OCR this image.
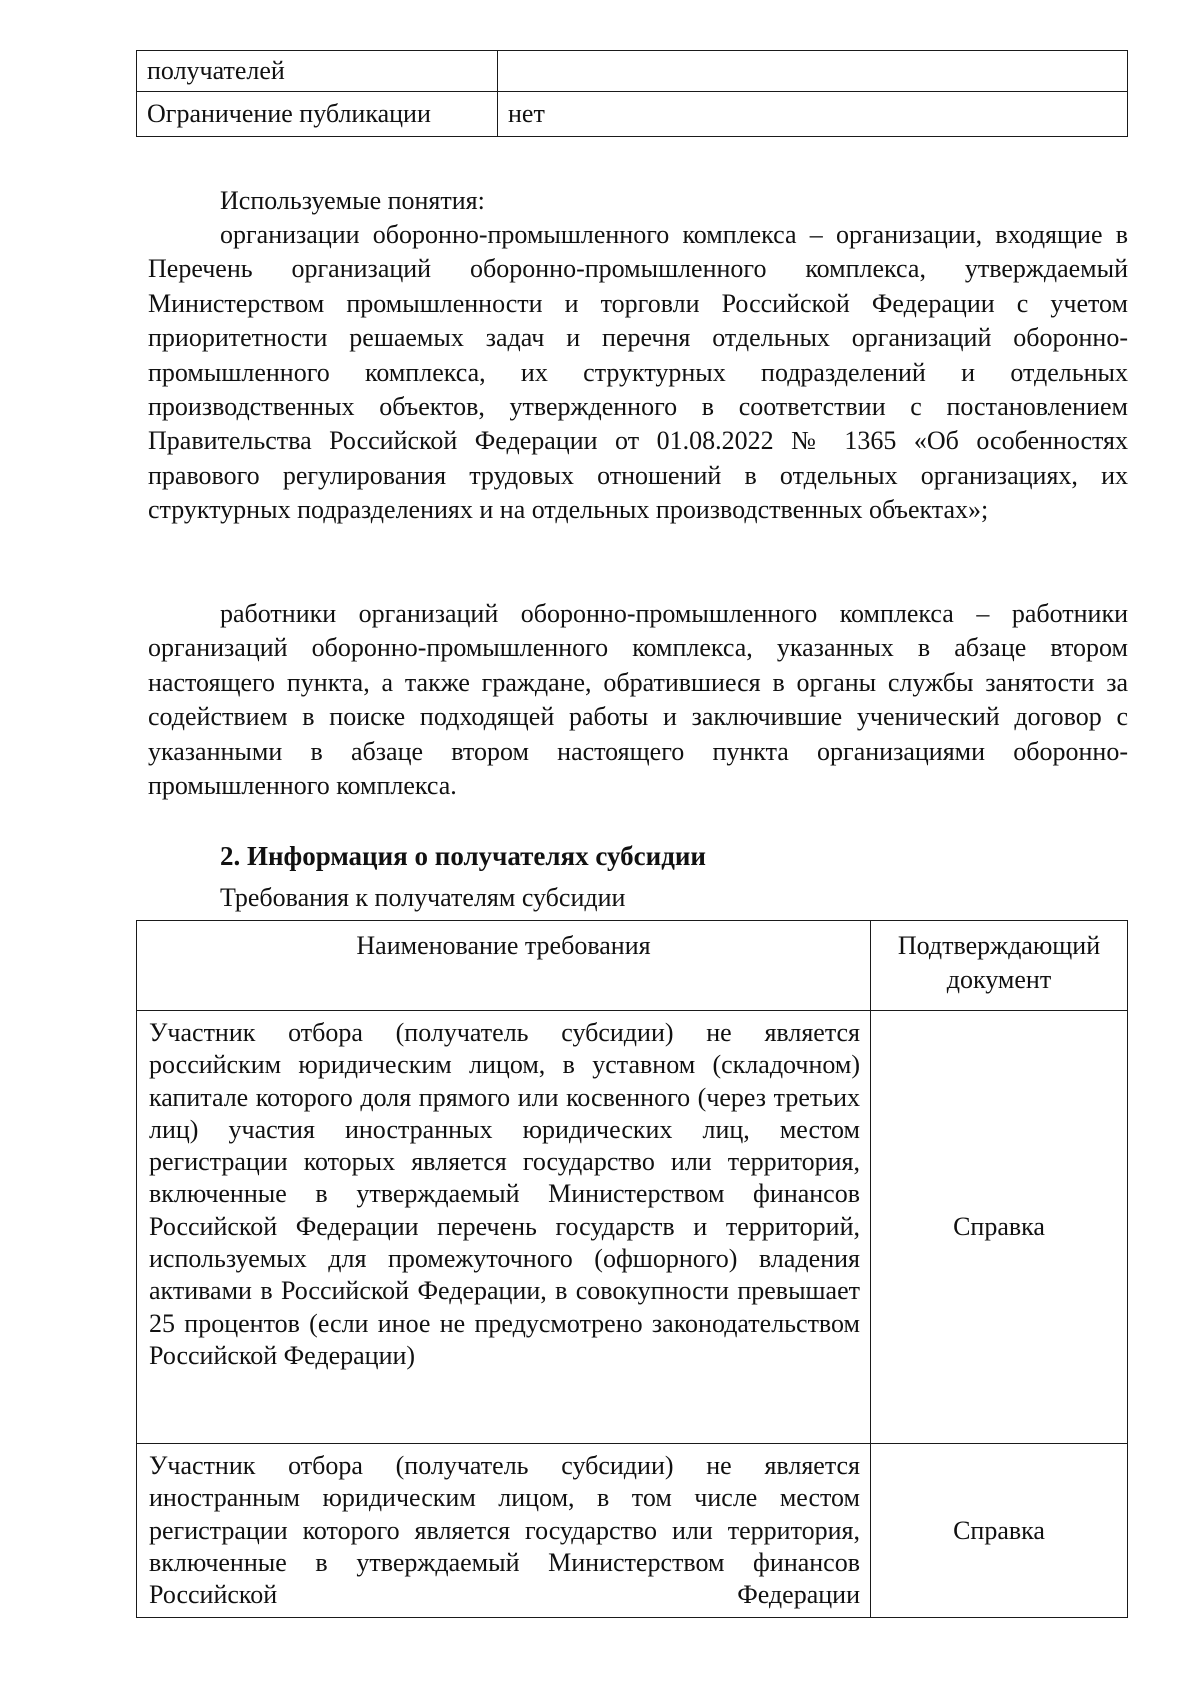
получателей	
Ограничение публикации	нет

Используемые понятия:

организации оборонно-промышленного комплекса – организации, входящие в Перечень организаций оборонно-промышленного комплекса, утверждаемый Министерством промышленности и торговли Российской Федерации с учетом приоритетности решаемых задач и перечня отдельных организаций оборонно-промышленного комплекса, их структурных подразделений и отдельных производственных объектов, утвержденного в соответствии с постановлением Правительства Российской Федерации от 01.08.2022 № 1365 «Об особенностях правового регулирования трудовых отношений в отдельных организациях, их структурных подразделениях и на отдельных производственных объектах»;

работники организаций оборонно-промышленного комплекса – работники организаций оборонно-промышленного комплекса, указанных в абзаце втором настоящего пункта, а также граждане, обратившиеся в органы службы занятости за содействием в поиске подходящей работы и заключившие ученический договор с указанными в абзаце втором настоящего пункта организациями оборонно-промышленного комплекса.

2. Информация о получателях субсидии

Требования к получателям субсидии

Наименование требования	Подтверждающий документ
Участник отбора (получатель субсидии) не является российским юридическим лицом, в уставном (складочном) капитале которого доля прямого или косвенного (через третьих лиц) участия иностранных юридических лиц, местом регистрации которых является государство или территория, включенные в утверждаемый Министерством финансов Российской Федерации перечень государств и территорий, используемых для промежуточного (офшорного) владения активами в Российской Федерации, в совокупности превышает 25 процентов (если иное не предусмотрено законодательством Российской Федерации)	Справка
Участник отбора (получатель субсидии) не является иностранным юридическим лицом, в том числе местом регистрации которого является государство или территория, включенные в утверждаемый Министерством финансов Российской Федерации	Справка
